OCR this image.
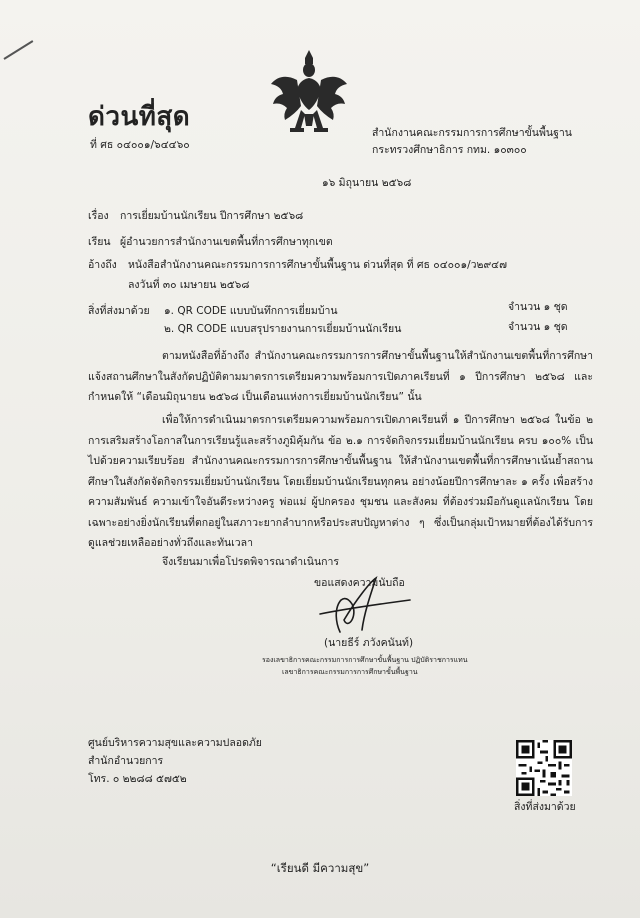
ด่วนที่สุด
ที่ ศธ ๐๔๐๐๑/๖๔๔๖๐
สำนักงานคณะกรรมการการศึกษาขั้นพื้นฐาน
กระทรวงศึกษาธิการ กทม. ๑๐๓๐๐
๑๖ มิถุนายน ๒๕๖๘
เรื่อง การเยี่ยมบ้านนักเรียน ปีการศึกษา ๒๕๖๘
เรียน ผู้อำนวยการสำนักงานเขตพื้นที่การศึกษาทุกเขต
อ้างถึง หนังสือสำนักงานคณะกรรมการการศึกษาขั้นพื้นฐาน ด่วนที่สุด ที่ ศธ ๐๔๐๐๑/ว๒๙๔๗
ลงวันที่ ๓๐ เมษายน ๒๕๖๘
สิ่งที่ส่งมาด้วย ๑. QR CODE แบบบันทึกการเยี่ยมบ้าน	จำนวน ๑ ชุด
๒. QR CODE แบบสรุปรายงานการเยี่ยมบ้านนักเรียน	จำนวน ๑ ชุด
ตามหนังสือที่อ้างถึง สำนักงานคณะกรรมการการศึกษาขั้นพื้นฐานให้สำนักงานเขตพื้นที่การศึกษาแจ้งสถานศึกษาในสังกัดปฏิบัติตามมาตรการเตรียมความพร้อมการเปิดภาคเรียนที่ ๑ ปีการศึกษา ๒๕๖๘ และกำหนดให้ “เดือนมิถุนายน ๒๕๖๘ เป็นเดือนแห่งการเยี่ยมบ้านนักเรียน” นั้น
เพื่อให้การดำเนินมาตรการเตรียมความพร้อมการเปิดภาคเรียนที่ ๑ ปีการศึกษา ๒๕๖๘ ในข้อ ๒ การเสริมสร้างโอกาสในการเรียนรู้และสร้างภูมิคุ้มกัน ข้อ ๒.๑ การจัดกิจกรรมเยี่ยมบ้านนักเรียน ครบ ๑๐๐% เป็นไปด้วยความเรียบร้อย สำนักงานคณะกรรมการการศึกษาขั้นพื้นฐาน ให้สำนักงานเขตพื้นที่การศึกษาเน้นย้ำสถานศึกษาในสังกัดจัดกิจกรรมเยี่ยมบ้านนักเรียน โดยเยี่ยมบ้านนักเรียนทุกคน อย่างน้อยปีการศึกษาละ ๑ ครั้ง เพื่อสร้างความสัมพันธ์ ความเข้าใจอันดีระหว่างครู พ่อแม่ ผู้ปกครอง ชุมชน และสังคม ที่ต้องร่วมมือกันดูแลนักเรียน โดยเฉพาะอย่างยิ่งนักเรียนที่ตกอยู่ในสภาวะยากลำบากหรือประสบปัญหาต่าง ๆ ซึ่งเป็นกลุ่มเป้าหมายที่ต้องได้รับการดูแลช่วยเหลืออย่างทั่วถึงและทันเวลา
จึงเรียนมาเพื่อโปรดพิจารณาดำเนินการ
ขอแสดงความนับถือ
(นายธีร์ ภวังคนันท์)
รองเลขาธิการคณะกรรมการการศึกษาขั้นพื้นฐาน ปฏิบัติราชการแทน
เลขาธิการคณะกรรมการการศึกษาขั้นพื้นฐาน
ศูนย์บริหารความสุขและความปลอดภัย
สำนักอำนวยการ
โทร. ๐ ๒๒๘๘ ๕๗๕๒
สิ่งที่ส่งมาด้วย
“เรียนดี มีความสุข”
